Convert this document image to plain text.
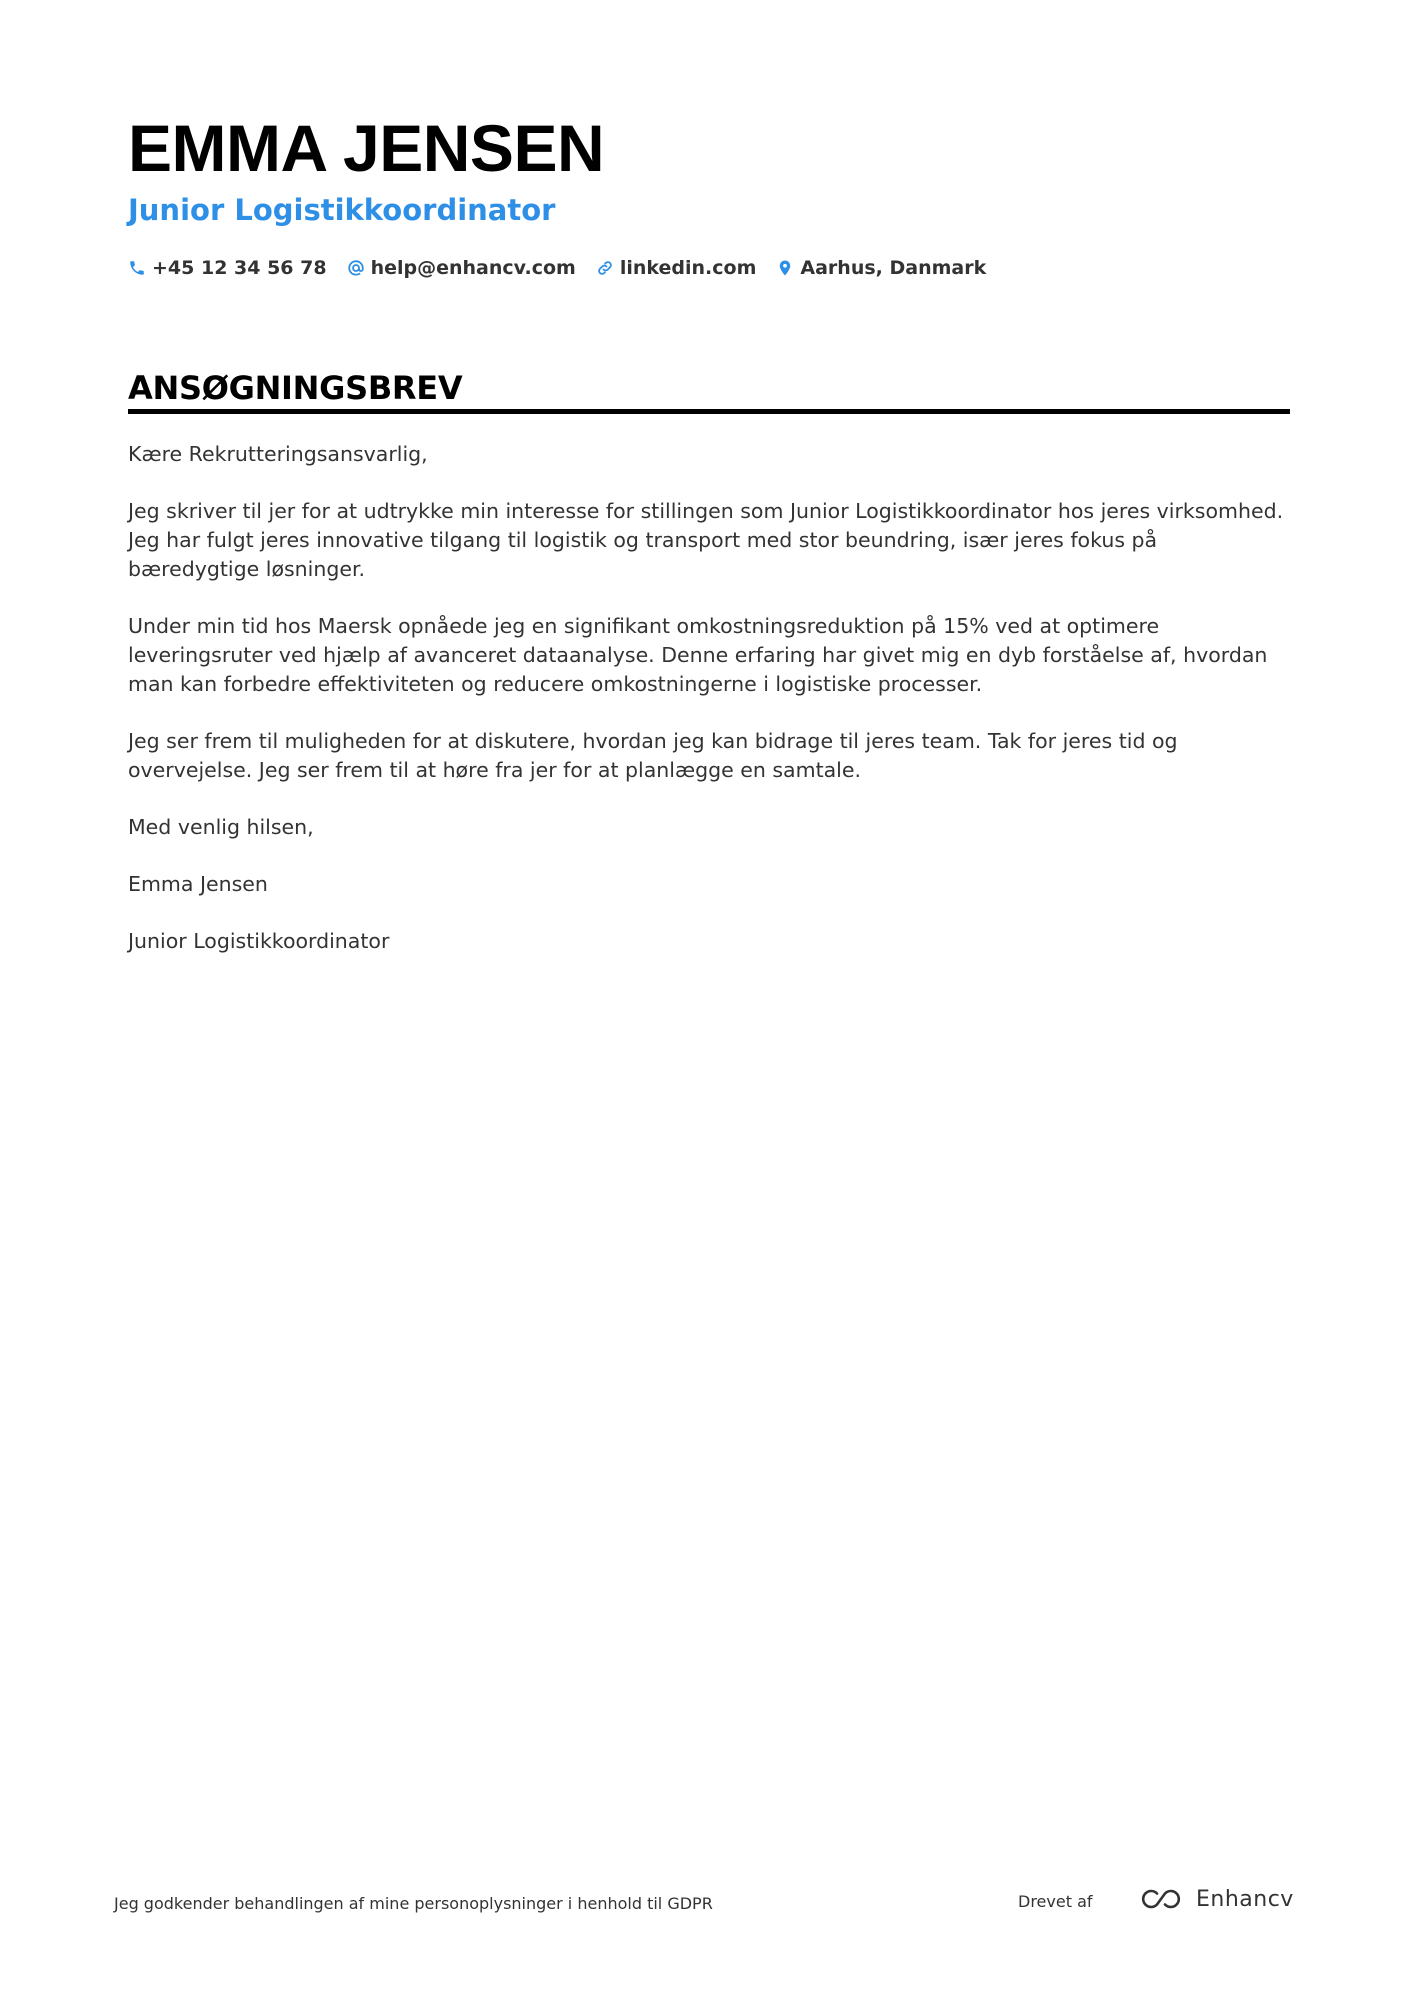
EMMA JENSEN
Junior Logistikkoordinator
+45 12 34 56 78 help@enhancv.com linkedin.com Aarhus, Danmark
ANSØGNINGSBREV

Kære Rekrutteringsansvarlig,

Jeg skriver til jer for at udtrykke min interesse for stillingen som Junior Logistikkoordinator hos jeres virksomhed. Jeg har fulgt jeres innovative tilgang til logistik og transport med stor beundring, især jeres fokus på bæredygtige løsninger.

Under min tid hos Maersk opnåede jeg en signifikant omkostningsreduktion på 15% ved at optimere leveringsruter ved hjælp af avanceret dataanalyse. Denne erfaring har givet mig en dyb forståelse af, hvordan man kan forbedre effektiviteten og reducere omkostningerne i logistiske processer.

Jeg ser frem til muligheden for at diskutere, hvordan jeg kan bidrage til jeres team. Tak for jeres tid og overvejelse. Jeg ser frem til at høre fra jer for at planlægge en samtale.

Med venlig hilsen,

Emma Jensen

Junior Logistikkoordinator

Jeg godkender behandlingen af mine personoplysninger i henhold til GDPR	Drevet af	Enhancv
